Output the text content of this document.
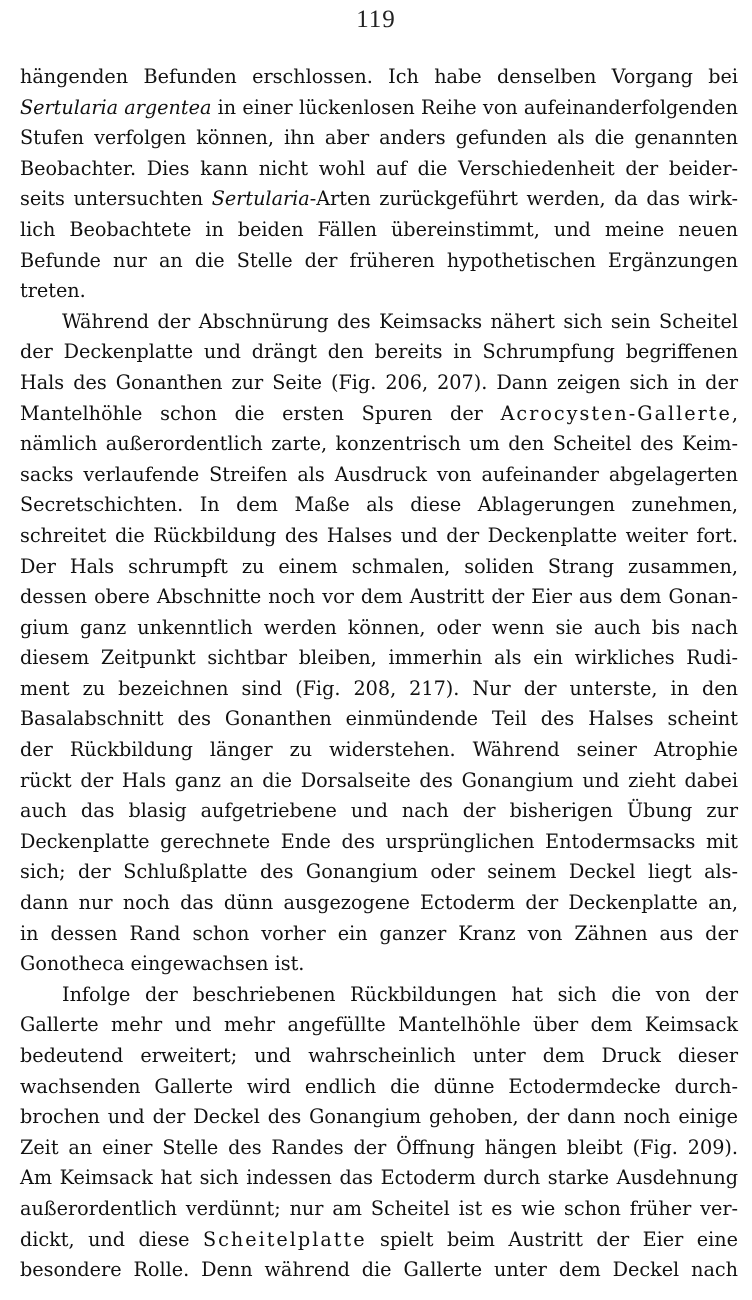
119
hängenden Befunden erschlossen. Ich habe denselben Vorgang bei
Sertularia argentea in einer lückenlosen Reihe von aufeinanderfolgenden
Stufen verfolgen können, ihn aber anders gefunden als die genannten
Beobachter. Dies kann nicht wohl auf die Verschiedenheit der beider-
seits untersuchten Sertularia-Arten zurückgeführt werden, da das wirk-
lich Beobachtete in beiden Fällen übereinstimmt, und meine neuen
Befunde nur an die Stelle der früheren hypothetischen Ergänzungen
treten.
Während der Abschnürung des Keimsacks nähert sich sein Scheitel
der Deckenplatte und drängt den bereits in Schrumpfung begriffenen
Hals des Gonanthen zur Seite (Fig. 206, 207). Dann zeigen sich in der
Mantelhöhle schon die ersten Spuren der Acrocysten-Gallerte,
nämlich außerordentlich zarte, konzentrisch um den Scheitel des Keim-
sacks verlaufende Streifen als Ausdruck von aufeinander abgelagerten
Secretschichten. In dem Maße als diese Ablagerungen zunehmen,
schreitet die Rückbildung des Halses und der Deckenplatte weiter fort.
Der Hals schrumpft zu einem schmalen, soliden Strang zusammen,
dessen obere Abschnitte noch vor dem Austritt der Eier aus dem Gonan-
gium ganz unkenntlich werden können, oder wenn sie auch bis nach
diesem Zeitpunkt sichtbar bleiben, immerhin als ein wirkliches Rudi-
ment zu bezeichnen sind (Fig. 208, 217). Nur der unterste, in den
Basalabschnitt des Gonanthen einmündende Teil des Halses scheint
der Rückbildung länger zu widerstehen. Während seiner Atrophie
rückt der Hals ganz an die Dorsalseite des Gonangium und zieht dabei
auch das blasig aufgetriebene und nach der bisherigen Übung zur
Deckenplatte gerechnete Ende des ursprünglichen Entodermsacks mit
sich; der Schlußplatte des Gonangium oder seinem Deckel liegt als-
dann nur noch das dünn ausgezogene Ectoderm der Deckenplatte an,
in dessen Rand schon vorher ein ganzer Kranz von Zähnen aus der
Gonotheca eingewachsen ist.
Infolge der beschriebenen Rückbildungen hat sich die von der
Gallerte mehr und mehr angefüllte Mantelhöhle über dem Keimsack
bedeutend erweitert; und wahrscheinlich unter dem Druck dieser
wachsenden Gallerte wird endlich die dünne Ectodermdecke durch-
brochen und der Deckel des Gonangium gehoben, der dann noch einige
Zeit an einer Stelle des Randes der Öffnung hängen bleibt (Fig. 209).
Am Keimsack hat sich indessen das Ectoderm durch starke Ausdehnung
außerordentlich verdünnt; nur am Scheitel ist es wie schon früher ver-
dickt, und diese Scheitelplatte spielt beim Austritt der Eier eine
besondere Rolle. Denn während die Gallerte unter dem Deckel nach
